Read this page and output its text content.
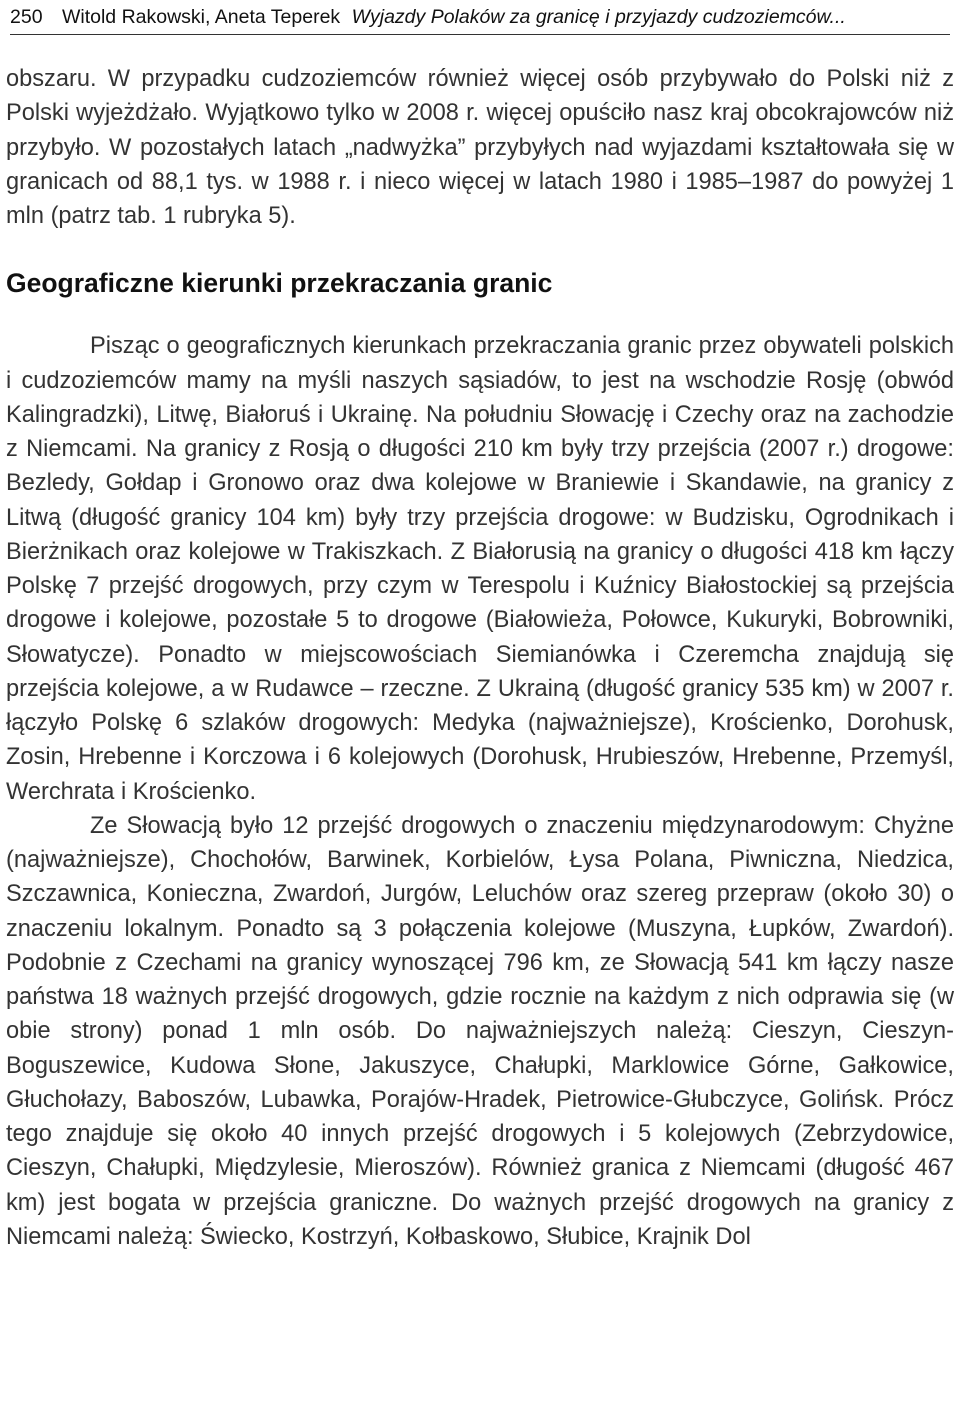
250 Witold Rakowski, Aneta Teperek Wyjazdy Polaków za granicę i przyjazdy cudzoziemców...

obszaru. W przypadku cudzoziemców również więcej osób przybywało do Polski niż z Polski wyjeżdżało. Wyjątkowo tylko w 2008 r. więcej opuściło nasz kraj obcokrajowców niż przybyło. W pozostałych latach „nadwyżka” przybyłych nad wyjazdami kształtowała się w granicach od 88,1 tys. w 1988 r. i nieco więcej w latach 1980 i 1985–1987 do powyżej 1 mln (patrz tab. 1 rubryka 5).

Geograficzne kierunki przekraczania granic

Pisząc o geograficznych kierunkach przekraczania granic przez obywateli polskich i cudzoziemców mamy na myśli naszych sąsiadów, to jest na wschodzie Rosję (obwód Kalingradzki), Litwę, Białoruś i Ukrainę. Na południu Słowację i Czechy oraz na zachodzie z Niemcami. Na granicy z Rosją o długości 210 km były trzy przejścia (2007 r.) drogowe: Bezledy, Gołdap i Gronowo oraz dwa kolejowe w Braniewie i Skandawie, na granicy z Litwą (długość granicy 104 km) były trzy przejścia drogowe: w Budzisku, Ogrodnikach i Bierżnikach oraz kolejowe w Trakiszkach. Z Białorusią na granicy o długości 418 km łączy Polskę 7 przejść drogowych, przy czym w Terespolu i Kuźnicy Białostockiej są przejścia drogowe i kolejowe, pozostałe 5 to drogowe (Białowieża, Połowce, Kukuryki, Bobrowniki, Słowatycze). Ponadto w miejscowościach Siemianówka i Czeremcha znajdują się przejścia kolejowe, a w Rudawce – rzeczne. Z Ukrainą (długość granicy 535 km) w 2007 r. łączyło Polskę 6 szlaków drogowych: Medyka (najważniejsze), Krościenko, Dorohusk, Zosin, Hrebenne i Korczowa i 6 kolejowych (Dorohusk, Hrubieszów, Hrebenne, Przemyśl, Werchrata i Krościenko.

Ze Słowacją było 12 przejść drogowych o znaczeniu międzynarodowym: Chyżne (najważniejsze), Chochołów, Barwinek, Korbielów, Łysa Polana, Piwniczna, Niedzica, Szczawnica, Konieczna, Zwardoń, Jurgów, Leluchów oraz szereg przepraw (około 30) o znaczeniu lokalnym. Ponadto są 3 połączenia kolejowe (Muszyna, Łupków, Zwardoń). Podobnie z Czechami na granicy wynoszącej 796 km, ze Słowacją 541 km łączy nasze państwa 18 ważnych przejść drogowych, gdzie rocznie na każdym z nich odprawia się (w obie strony) ponad 1 mln osób. Do najważniejszych należą: Cieszyn, Cieszyn-Boguszewice, Kudowa Słone, Jakuszyce, Chałupki, Marklowice Górne, Gałkowice, Głuchołazy, Baboszów, Lubawka, Porajów-Hradek, Pietrowice-Głubczyce, Golińsk. Prócz tego znajduje się około 40 innych przejść drogowych i 5 kolejowych (Zebrzydowice, Cieszyn, Chałupki, Międzylesie, Mieroszów). Również granica z Niemcami (długość 467 km) jest bogata w przejścia graniczne. Do ważnych przejść drogowych na granicy z Niemcami należą: Świecko, Kostrzyń, Kołbaskowo, Słubice, Krajnik Dol
